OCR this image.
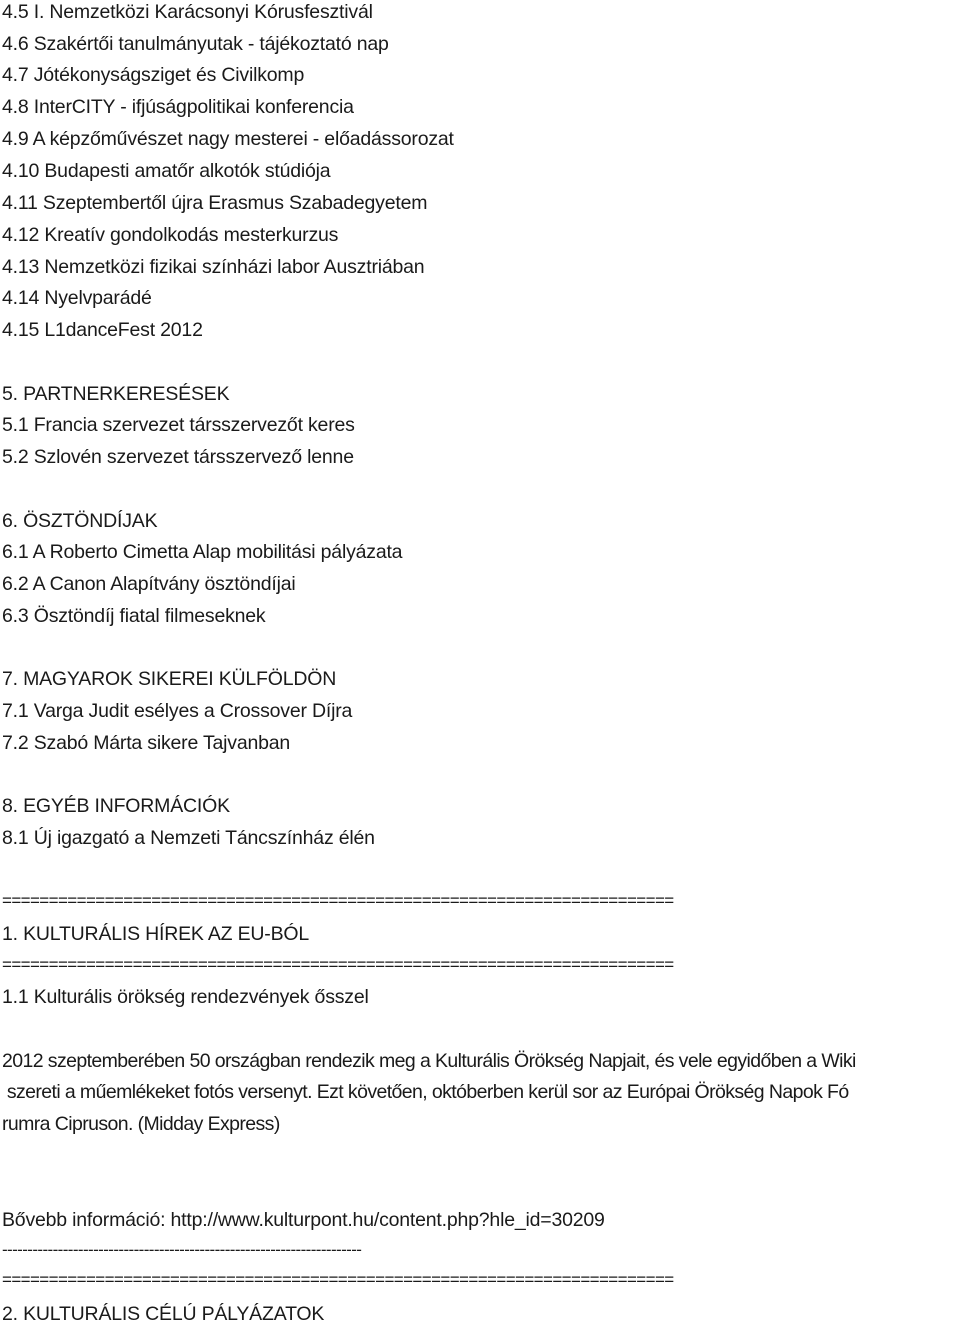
4.5 I. Nemzetközi Karácsonyi Kórusfesztivál
4.6 Szakértői tanulmányutak - tájékoztató nap
4.7 Jótékonyságsziget és Civilkomp
4.8 InterCITY - ifjúságpolitikai konferencia
4.9 A képzőművészet nagy mesterei - előadássorozat
4.10 Budapesti amatőr alkotók stúdiója
4.11 Szeptembertől újra Erasmus Szabadegyetem
4.12 Kreatív gondolkodás mesterkurzus
4.13 Nemzetközi fizikai színházi labor Ausztriában
4.14 Nyelvparádé
4.15 L1danceFest 2012
5. PARTNERKERESÉSEK
5.1 Francia szervezet társszervezőt keres
5.2 Szlovén szervezet társszervező lenne
6. ÖSZTÖNDÍJAK
6.1 A Roberto Cimetta Alap mobilitási pályázata
6.2 A Canon Alapítvány ösztöndíjai
6.3 Ösztöndíj fiatal filmeseknek
7. MAGYAROK SIKEREI KÜLFÖLDÖN
7.1 Varga Judit esélyes a Crossover Díjra
7.2 Szabó Márta sikere Tajvanban
8. EGYÉB INFORMÁCIÓK
8.1 Új igazgató a Nemzeti Táncszínház élén
========================================================================
1. KULTURÁLIS HÍREK AZ EU-BÓL
========================================================================
1.1 Kulturális örökség rendezvények ősszel
2012 szeptemberében 50 országban rendezik meg a Kulturális Örökség Napjait, és vele egyidőben a Wiki
szereti a műemlékeket fotós versenyt. Ezt követően, októberben kerül sor az Európai Örökség Napok Fó
rumra Cipruson. (Midday Express)
Bővebb információ: http://www.kulturpont.hu/content.php?hle_id=30209
-----------------------------------------------------------------------
========================================================================
2. KULTURÁLIS CÉLÚ PÁLYÁZATOK
